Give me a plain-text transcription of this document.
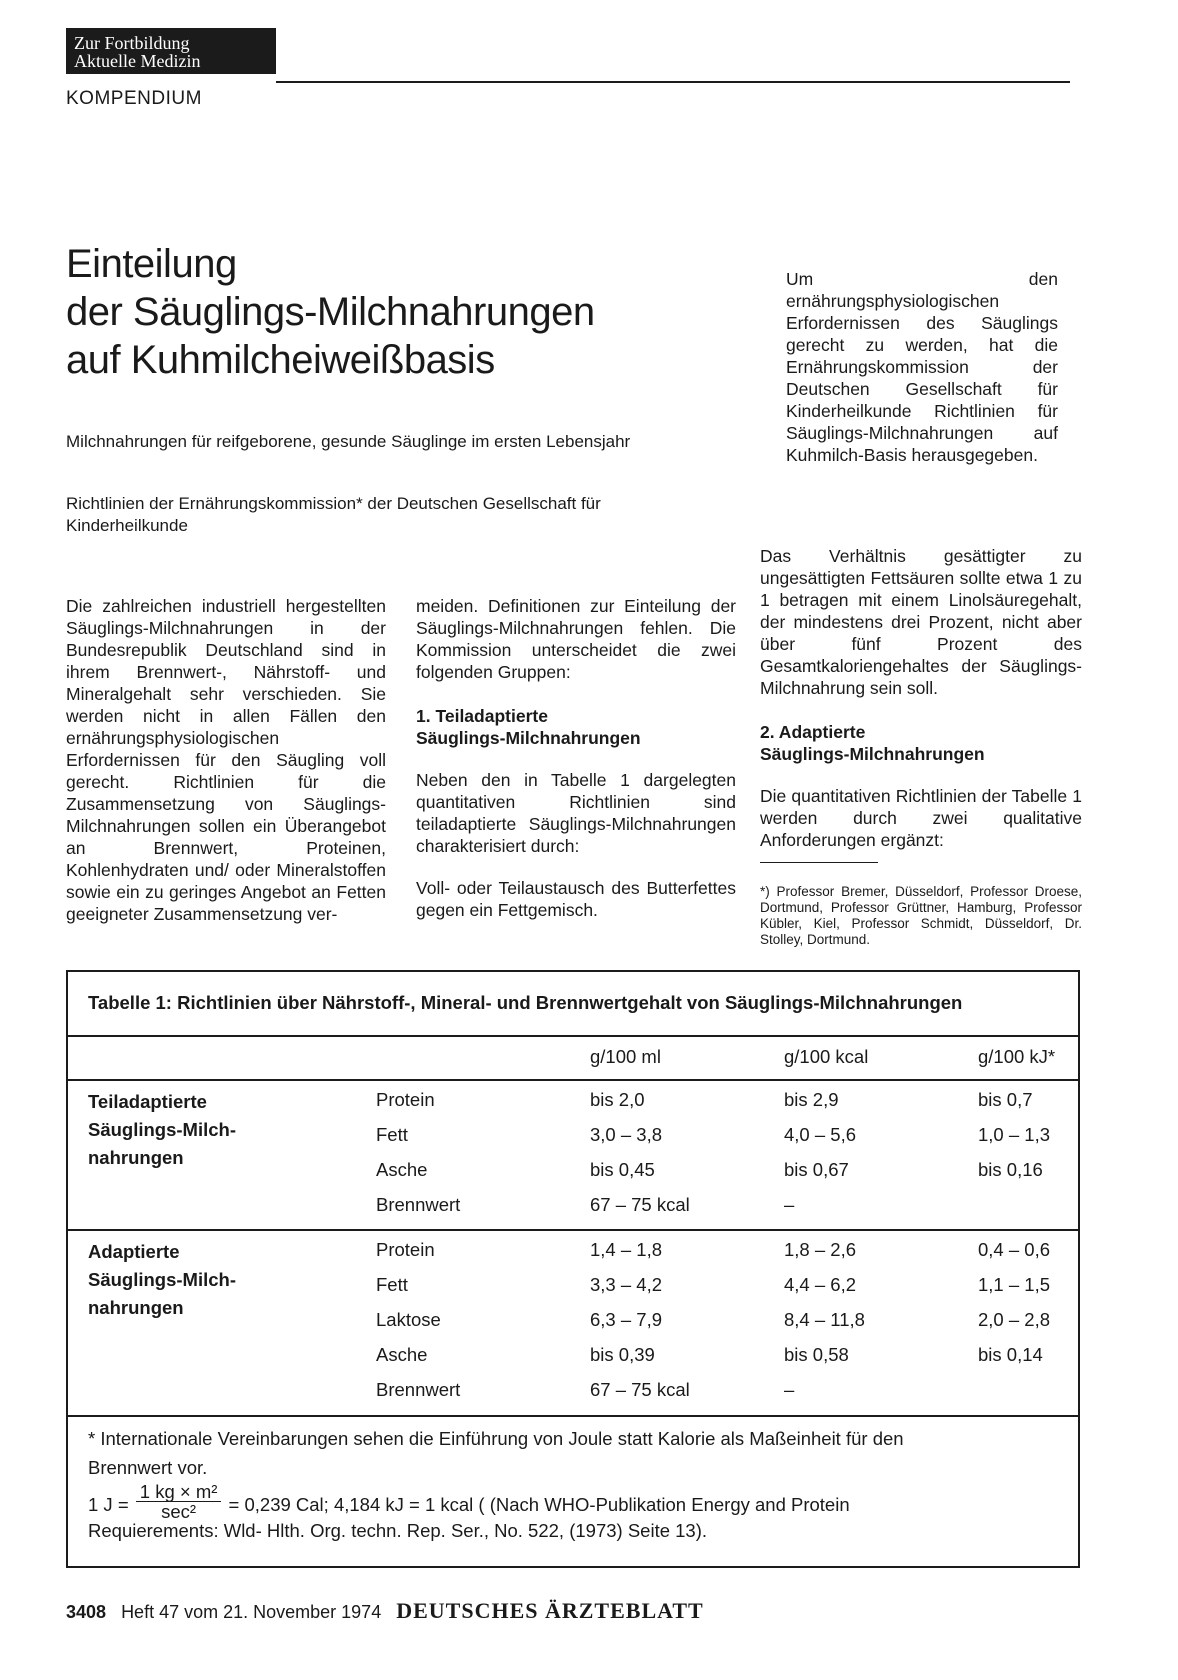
Zur Fortbildung
Aktuelle Medizin
KOMPENDIUM
Einteilung
der Säuglings-Milchnahrungen
auf Kuhmilcheiweißbasis
Milchnahrungen für reifgeborene, gesunde Säuglinge im ersten Lebensjahr
Richtlinien der Ernährungskommission* der Deutschen Gesellschaft für Kinderheilkunde
Um den ernährungsphysiologischen Erfordernissen des Säuglings gerecht zu werden, hat die Ernährungskommission der Deutschen Gesellschaft für Kinderheilkunde Richtlinien für Säuglings-Milchnahrungen auf Kuhmilch-Basis herausgegeben.

Die zahlreichen industriell hergestellten Säuglings-Milchnahrungen in der Bundesrepublik Deutschland sind in ihrem Brennwert-, Nährstoff- und Mineralgehalt sehr verschieden. Sie werden nicht in allen Fällen den ernährungsphysiologischen Erfordernissen für den Säugling voll gerecht. Richtlinien für die Zusammensetzung von Säuglings-Milchnahrungen sollen ein Überangebot an Brennwert, Proteinen, Kohlenhydraten und/ oder Mineralstoffen sowie ein zu geringes Angebot an Fetten geeigneter Zusammensetzung ver-

meiden. Definitionen zur Einteilung der Säuglings-Milchnahrungen fehlen. Die Kommission unterscheidet die zwei folgenden Gruppen:

1. Teiladaptierte
Säuglings-Milchnahrungen

Neben den in Tabelle 1 dargelegten quantitativen Richtlinien sind teiladaptierte Säuglings-Milchnahrungen charakterisiert durch:

Voll- oder Teilaustausch des Butterfettes gegen ein Fettgemisch.

Das Verhältnis gesättigter zu ungesättigten Fettsäuren sollte etwa 1 zu 1 betragen mit einem Linolsäuregehalt, der mindestens drei Prozent, nicht aber über fünf Prozent des Gesamtkaloriengehaltes der Säuglings-Milchnahrung sein soll.

2. Adaptierte
Säuglings-Milchnahrungen

Die quantitativen Richtlinien der Tabelle 1 werden durch zwei qualitative Anforderungen ergänzt:

*) Professor Bremer, Düsseldorf, Professor Droese, Dortmund, Professor Grüttner, Hamburg, Professor Kübler, Kiel, Professor Schmidt, Düsseldorf, Dr. Stolley, Dortmund.
Tabelle 1: Richtlinien über Nährstoff-, Mineral- und Brennwertgehalt von Säuglings-Milchnahrungen
g/100 ml	g/100 kcal	g/100 kJ*
Teiladaptierte
Säuglings-Milch-
nahrungen
Protein	bis 2,0	bis 2,9	bis 0,7
Fett	3,0 – 3,8	4,0 – 5,6	1,0 – 1,3
Asche	bis 0,45	bis 0,67	bis 0,16
Brennwert	67 – 75 kcal	–
Adaptierte
Säuglings-Milch-
nahrungen
Protein	1,4 – 1,8	1,8 – 2,6	0,4 – 0,6
Fett	3,3 – 4,2	4,4 – 6,2	1,1 – 1,5
Laktose	6,3 – 7,9	8,4 – 11,8	2,0 – 2,8
Asche	bis 0,39	bis 0,58	bis 0,14
Brennwert	67 – 75 kcal	–
* Internationale Vereinbarungen sehen die Einführung von Joule statt Kalorie als Maßeinheit für den
Brennwert vor.
1 J =
1 kg × m²
sec²	= 0,239 Cal; 4,184 kJ = 1 kcal ( (Nach WHO-Publikation Energy and Protein
Requierements: Wld- Hlth. Org. techn. Rep. Ser., No. 522, (1973) Seite 13).
3408 Heft 47 vom 21. November 1974 DEUTSCHES ÄRZTEBLATT
